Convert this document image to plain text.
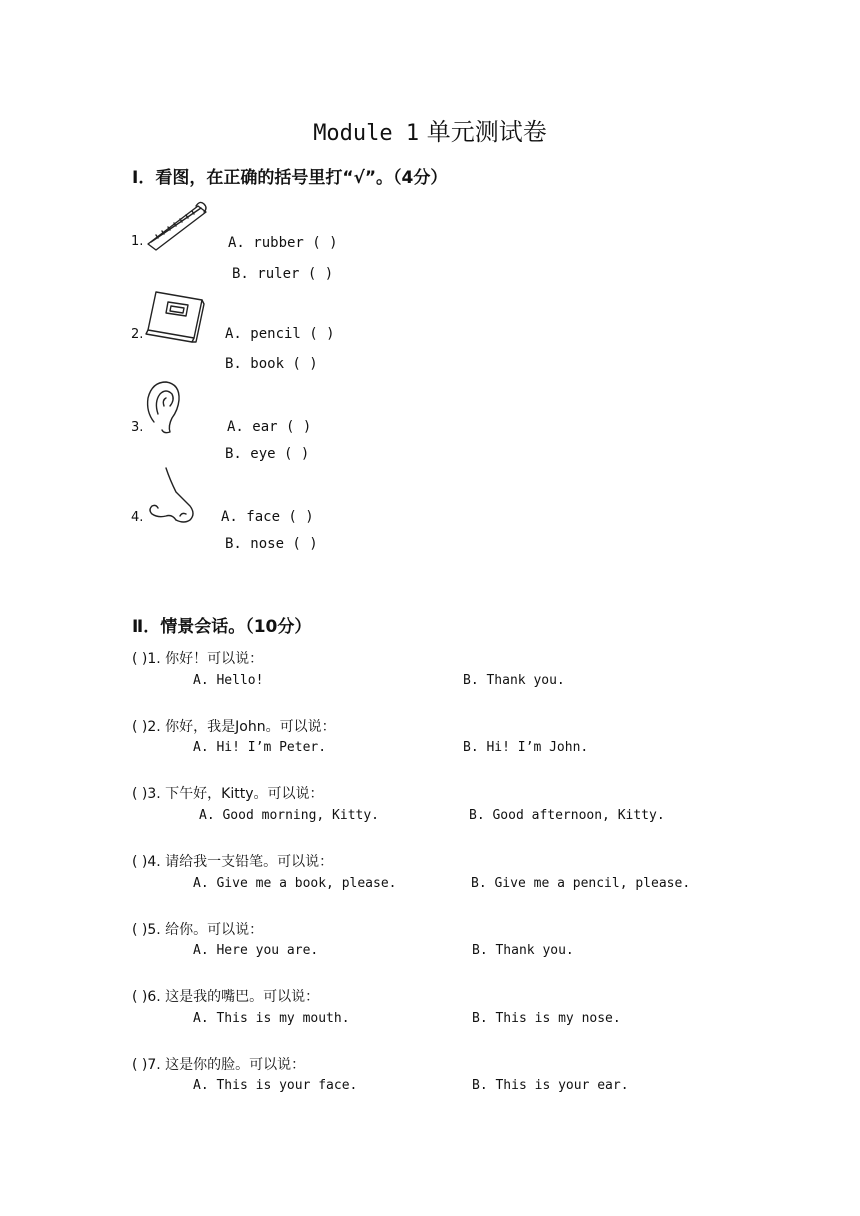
Module 1 单元测试卷
Ⅰ．看图，在正确的括号里打“√”。（4分）
1.	A. rubber ( )
B. ruler ( )
2.	A. pencil ( )
B. book ( )
3.	A. ear ( )
B. eye ( )
4.	A. face ( )
B. nose ( )
Ⅱ．情景会话。（10分）
( )1. 你好！可以说：
A. Hello!	B. Thank you.
( )2. 你好，我是John。可以说：
A. Hi! I’m Peter.	B. Hi! I’m John.
( )3. 下午好，Kitty。可以说：
A. Good morning, Kitty.	B. Good afternoon, Kitty.
( )4. 请给我一支铅笔。可以说：
A. Give me a book, please.	B. Give me a pencil, please.
( )5. 给你。可以说：
A. Here you are.	B. Thank you.
( )6. 这是我的嘴巴。可以说：
A. This is my mouth.	B. This is my nose.
( )7. 这是你的脸。可以说：
A. This is your face.	B. This is your ear.
